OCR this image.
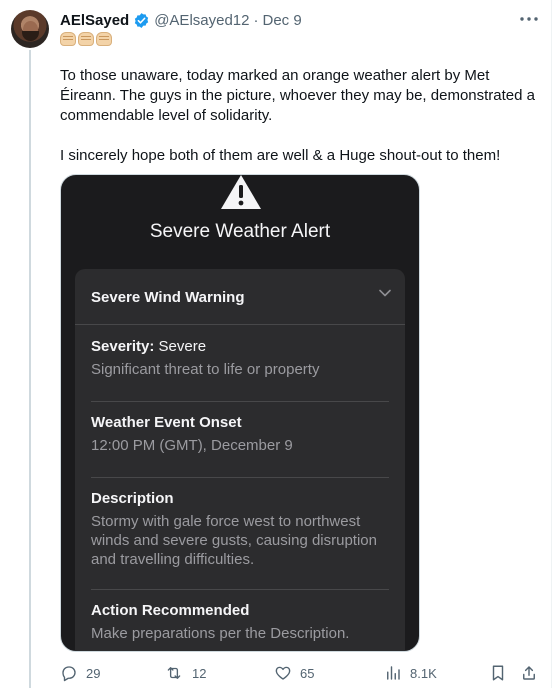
AElSayed @AElsayed12 · Dec 9

To those unaware, today marked an orange weather alert by Met Éireann. The guys in the picture, whoever they may be, demonstrated a commendable level of solidarity.

I sincerely hope both of them are well & a Huge shout-out to them!

Severe Weather Alert
Severe Wind Warning
Severity: Severe
Significant threat to life or property
Weather Event Onset
12:00 PM (GMT), December 9
Description
Stormy with gale force west to northwest winds and severe gusts, causing disruption and travelling difficulties.
Action Recommended
Make preparations per the Description.
29	12	65	8.1K
